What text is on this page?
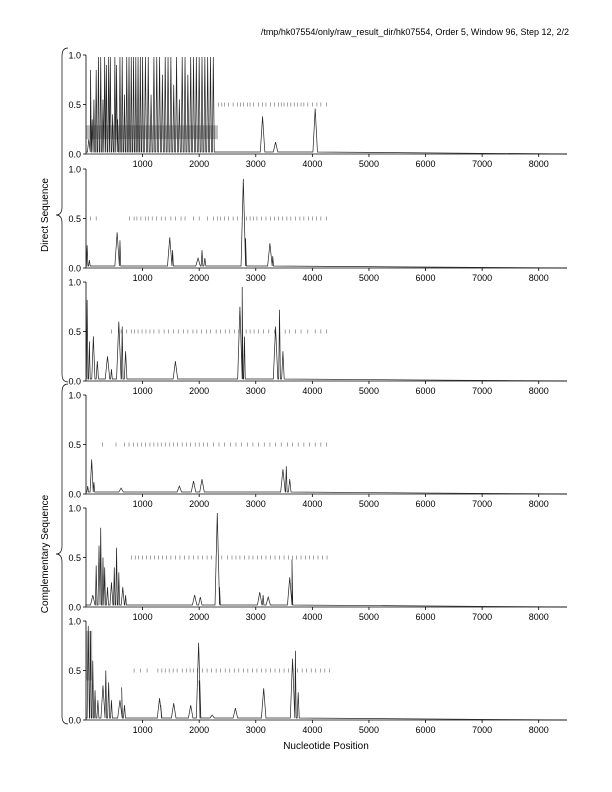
/tmp/hk07554/only/raw_result_dir/hk07554, Order 5, Window 96, Step 12, 2/2
0.0
0.5
1.0
1000	2000	3000	4000	5000	6000	7000	8000
0.0
0.5
1.0
1000	2000	3000	4000	5000	6000	7000	8000
0.0
0.5
1.0
1000	2000	3000	4000	5000	6000	7000	8000
0.0
0.5
1.0
1000	2000	3000	4000	5000	6000	7000	8000
0.0
0.5
1.0
1000	2000	3000	4000	5000	6000	7000	8000
0.0
0.5
1.0
1000	2000	3000	4000	5000	6000	7000	8000
Direct Sequence
Complementary Sequence
Nucleotide Position
